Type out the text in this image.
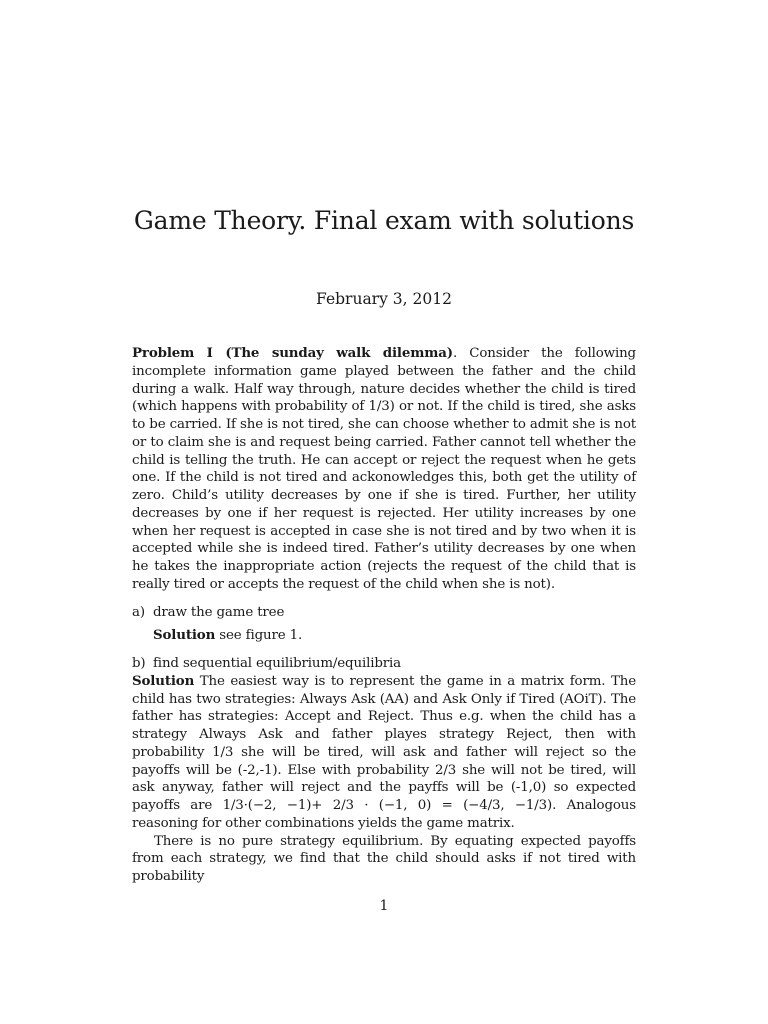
Game Theory. Final exam with solutions
February 3, 2012

Problem I (The sunday walk dilemma). Consider the following incomplete information game played between the father and the child during a walk. Half way through, nature decides whether the child is tired (which happens with probability of 1/3) or not. If the child is tired, she asks to be carried. If she is not tired, she can choose whether to admit she is not or to claim she is and request being carried. Father cannot tell whether the child is telling the truth. He can accept or reject the request when he gets one. If the child is not tired and ackonowledges this, both get the utility of zero. Child’s utility decreases by one if she is tired. Further, her utility decreases by one if her request is rejected. Her utility increases by one when her request is accepted in case she is not tired and by two when it is accepted while she is indeed tired. Father’s utility decreases by one when he takes the inappropriate action (rejects the request of the child that is really tired or accepts the request of the child when she is not).

a) draw the game tree
Solution see figure 1.
b) find sequential equilibrium/equilibria

Solution The easiest way is to represent the game in a matrix form. The child has two strategies: Always Ask (AA) and Ask Only if Tired (AOiT). The father has strategies: Accept and Reject. Thus e.g. when the child has a strategy Always Ask and father playes strategy Reject, then with probability 1/3 she will be tired, will ask and father will reject so the payoffs will be (-2,-1). Else with probability 2/3 she will not be tired, will ask anyway, father will reject and the payffs will be (-1,0) so expected payoffs are 1/3·(−2, −1)+ 2/3 · (−1, 0) = (−4/3, −1/3). Analogous reasoning for other combinations yields the game matrix.

There is no pure strategy equilibrium. By equating expected payoffs from each strategy, we find that the child should asks if not tired with probability

1
